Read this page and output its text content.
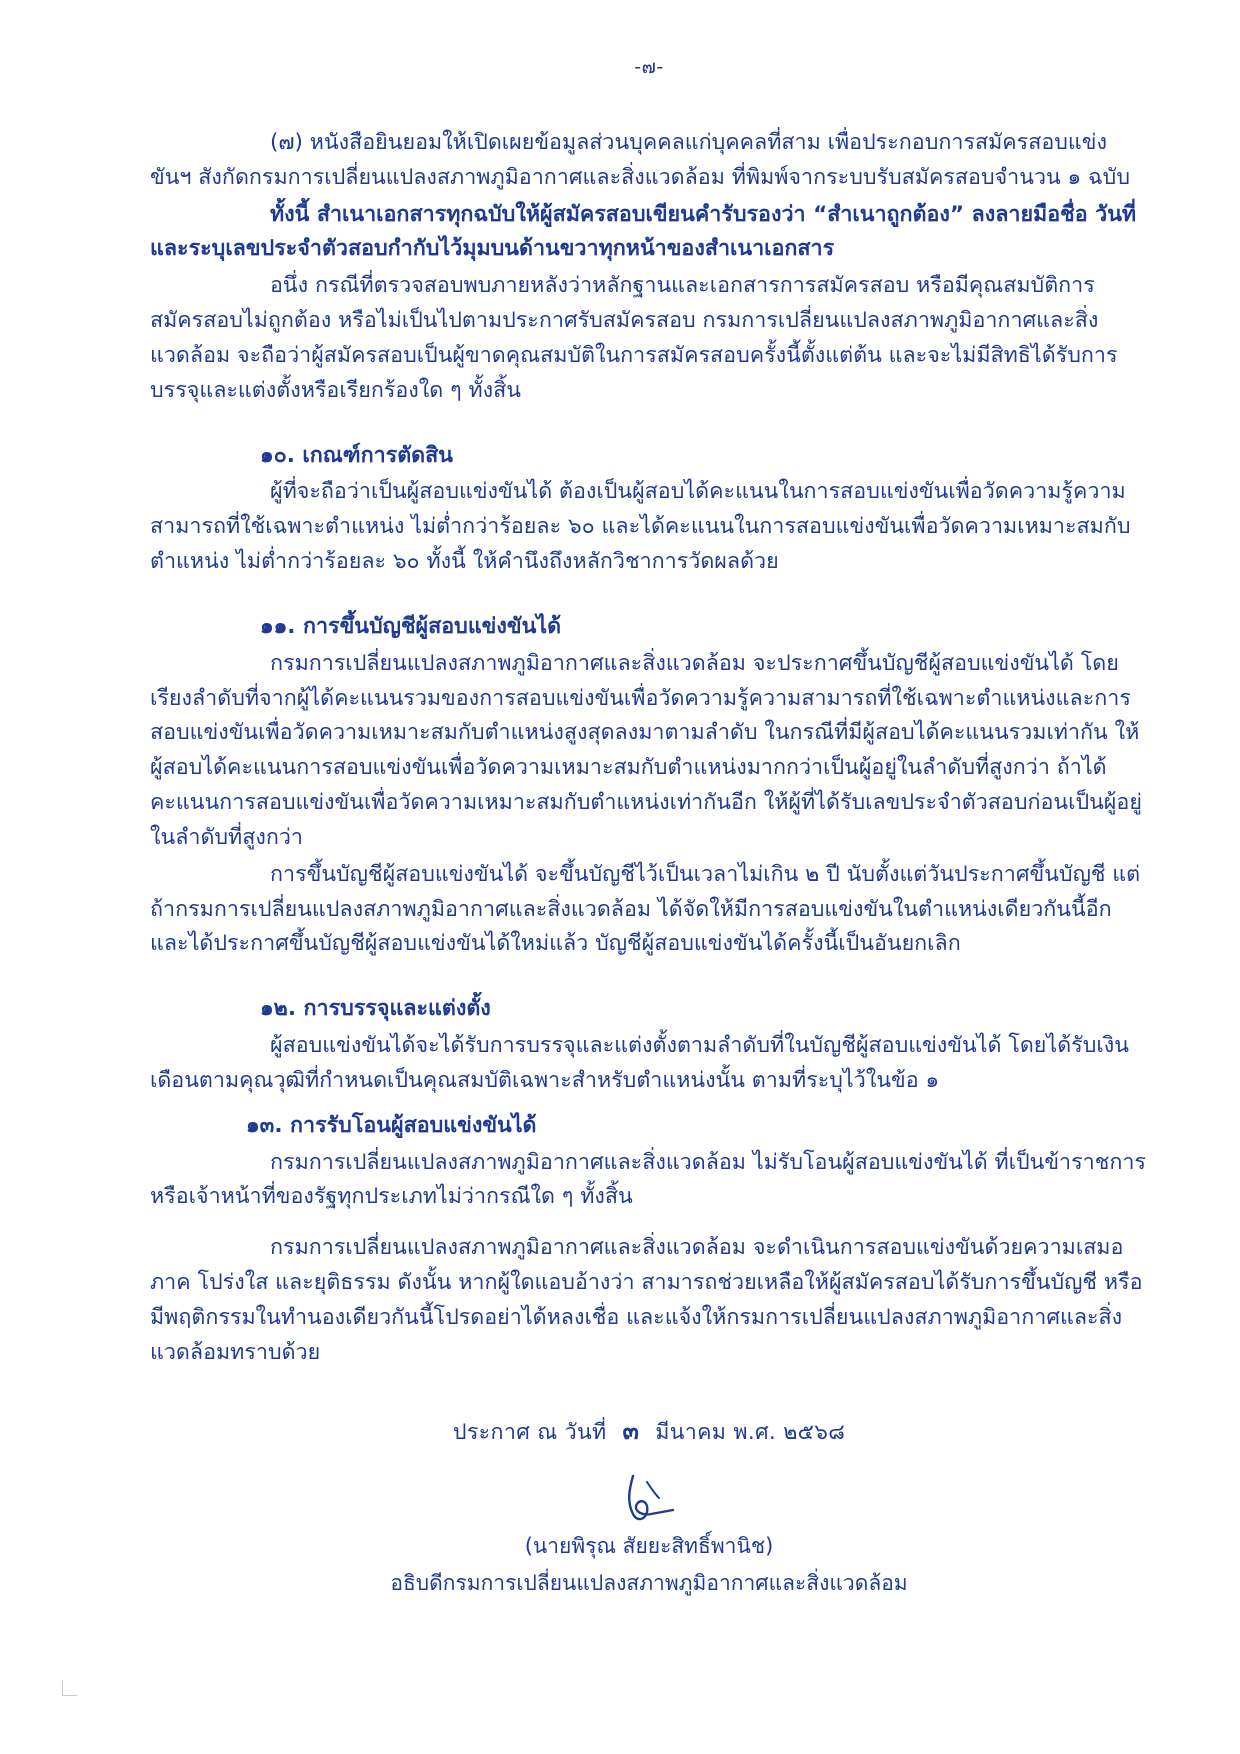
-๗-

(๗) หนังสือยินยอมให้เปิดเผยข้อมูลส่วนบุคคลแก่บุคคลที่สาม เพื่อประกอบการสมัครสอบแข่งขันฯ สังกัดกรมการเปลี่ยนแปลงสภาพภูมิอากาศและสิ่งแวดล้อม ที่พิมพ์จากระบบรับสมัครสอบจำนวน ๑ ฉบับ

ทั้งนี้ สำเนาเอกสารทุกฉบับให้ผู้สมัครสอบเขียนคำรับรองว่า “สำเนาถูกต้อง” ลงลายมือชื่อ วันที่ และระบุเลขประจำตัวสอบกำกับไว้มุมบนด้านขวาทุกหน้าของสำเนาเอกสาร

อนึ่ง กรณีที่ตรวจสอบพบภายหลังว่าหลักฐานและเอกสารการสมัครสอบ หรือมีคุณสมบัติการสมัครสอบไม่ถูกต้อง หรือไม่เป็นไปตามประกาศรับสมัครสอบ กรมการเปลี่ยนแปลงสภาพภูมิอากาศและสิ่งแวดล้อม จะถือว่าผู้สมัครสอบเป็นผู้ขาดคุณสมบัติในการสมัครสอบครั้งนี้ตั้งแต่ต้น และจะไม่มีสิทธิได้รับการบรรจุและแต่งตั้งหรือเรียกร้องใด ๆ ทั้งสิ้น

๑๐. เกณฑ์การตัดสิน

ผู้ที่จะถือว่าเป็นผู้สอบแข่งขันได้ ต้องเป็นผู้สอบได้คะแนนในการสอบแข่งขันเพื่อวัดความรู้ความสามารถที่ใช้เฉพาะตำแหน่ง ไม่ต่ำกว่าร้อยละ ๖๐ และได้คะแนนในการสอบแข่งขันเพื่อวัดความเหมาะสมกับตำแหน่ง ไม่ต่ำกว่าร้อยละ ๖๐ ทั้งนี้ ให้คำนึงถึงหลักวิชาการวัดผลด้วย

๑๑. การขึ้นบัญชีผู้สอบแข่งขันได้

กรมการเปลี่ยนแปลงสภาพภูมิอากาศและสิ่งแวดล้อม จะประกาศขึ้นบัญชีผู้สอบแข่งขันได้ โดยเรียงลำดับที่จากผู้ได้คะแนนรวมของการสอบแข่งขันเพื่อวัดความรู้ความสามารถที่ใช้เฉพาะตำแหน่งและการสอบแข่งขันเพื่อวัดความเหมาะสมกับตำแหน่งสูงสุดลงมาตามลำดับ ในกรณีที่มีผู้สอบได้คะแนนรวมเท่ากัน ให้ผู้สอบได้คะแนนการสอบแข่งขันเพื่อวัดความเหมาะสมกับตำแหน่งมากกว่าเป็นผู้อยู่ในลำดับที่สูงกว่า ถ้าได้คะแนนการสอบแข่งขันเพื่อวัดความเหมาะสมกับตำแหน่งเท่ากันอีก ให้ผู้ที่ได้รับเลขประจำตัวสอบก่อนเป็นผู้อยู่ในลำดับที่สูงกว่า

การขึ้นบัญชีผู้สอบแข่งขันได้ จะขึ้นบัญชีไว้เป็นเวลาไม่เกิน ๒ ปี นับตั้งแต่วันประกาศขึ้นบัญชี แต่ถ้ากรมการเปลี่ยนแปลงสภาพภูมิอากาศและสิ่งแวดล้อม ได้จัดให้มีการสอบแข่งขันในตำแหน่งเดียวกันนี้อีก และได้ประกาศขึ้นบัญชีผู้สอบแข่งขันได้ใหม่แล้ว บัญชีผู้สอบแข่งขันได้ครั้งนี้เป็นอันยกเลิก

๑๒. การบรรจุและแต่งตั้ง

ผู้สอบแข่งขันได้จะได้รับการบรรจุและแต่งตั้งตามลำดับที่ในบัญชีผู้สอบแข่งขันได้ โดยได้รับเงินเดือนตามคุณวุฒิที่กำหนดเป็นคุณสมบัติเฉพาะสำหรับตำแหน่งนั้น ตามที่ระบุไว้ในข้อ ๑

๑๓. การรับโอนผู้สอบแข่งขันได้

กรมการเปลี่ยนแปลงสภาพภูมิอากาศและสิ่งแวดล้อม ไม่รับโอนผู้สอบแข่งขันได้ ที่เป็นข้าราชการหรือเจ้าหน้าที่ของรัฐทุกประเภทไม่ว่ากรณีใด ๆ ทั้งสิ้น

กรมการเปลี่ยนแปลงสภาพภูมิอากาศและสิ่งแวดล้อม จะดำเนินการสอบแข่งขันด้วยความเสมอภาค โปร่งใส และยุติธรรม ดังนั้น หากผู้ใดแอบอ้างว่า สามารถช่วยเหลือให้ผู้สมัครสอบได้รับการขึ้นบัญชี หรือมีพฤติกรรมในทำนองเดียวกันนี้โปรดอย่าได้หลงเชื่อ และแจ้งให้กรมการเปลี่ยนแปลงสภาพภูมิอากาศและสิ่งแวดล้อมทราบด้วย

ประกาศ ณ วันที่ ๓ มีนาคม พ.ศ. ๒๕๖๘
(นายพิรุณ สัยยะสิทธิ์พานิช)
อธิบดีกรมการเปลี่ยนแปลงสภาพภูมิอากาศและสิ่งแวดล้อม
